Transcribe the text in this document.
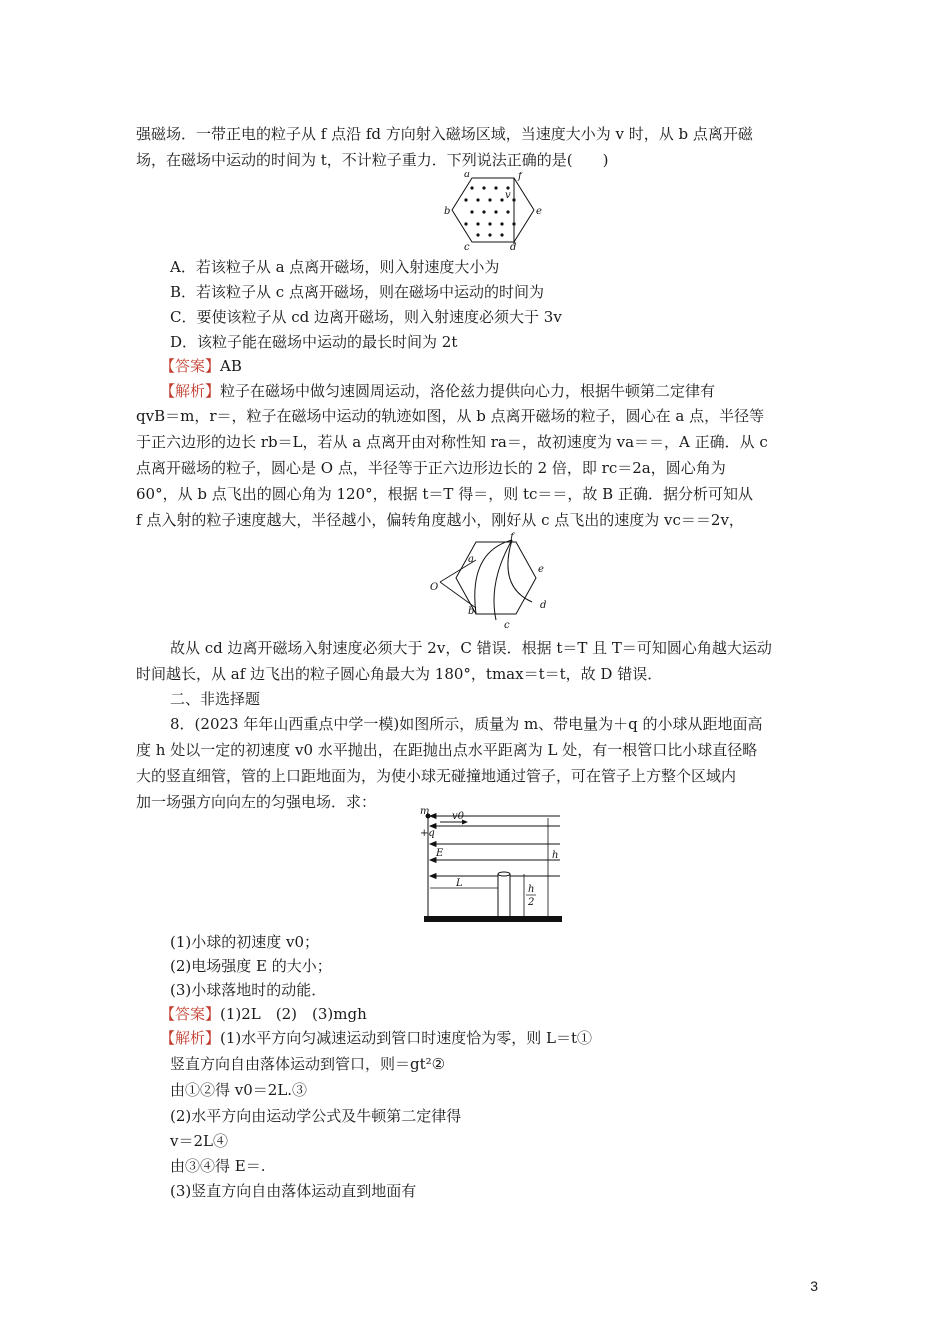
强磁场．一带正电的粒子从 f 点沿 fd 方向射入磁场区域，当速度大小为 v 时，从 b 点离开磁
场，在磁场中运动的时间为 t，不计粒子重力．下列说法正确的是(　　)
a	f
v
b	e
c	d
A．若该粒子从 a 点离开磁场，则入射速度大小为
B．若该粒子从 c 点离开磁场，则在磁场中运动的时间为
C．要使该粒子从 cd 边离开磁场，则入射速度必须大于 3v
D．该粒子能在磁场中运动的最长时间为 2t
【答案】AB
【解析】粒子在磁场中做匀速圆周运动，洛伦兹力提供向心力，根据牛顿第二定律有
qvB＝m，r＝，粒子在磁场中运动的轨迹如图，从 b 点离开磁场的粒子，圆心在 a 点，半径等
于正六边形的边长 rb＝L，若从 a 点离开由对称性知 ra＝，故初速度为 va＝＝，A 正确．从 c
点离开磁场的粒子，圆心是 O 点，半径等于正六边形边长的 2 倍，即 rc＝2a，圆心角为
60°，从 b 点飞出的圆心角为 120°，根据 t＝T 得＝，则 tc＝＝，故 B 正确．据分析可知从
f 点入射的粒子速度越大，半径越小，偏转角度越小，刚好从 c 点飞出的速度为 vc＝＝2v，
a
f
e
d
b
c
O
故从 cd 边离开磁场入射速度必须大于 2v，C 错误．根据 t＝T 且 T＝可知圆心角越大运动
时间越长，从 af 边飞出的粒子圆心角最大为 180°，tmax＝t＝t，故 D 错误．
二、非选择题
8．(2023 年年山西重点中学一模)如图所示，质量为 m、带电量为＋q 的小球从距地面高
度 h 处以一定的初速度 v0 水平抛出，在距抛出点水平距离为 L 处，有一根管口比小球直径略
大的竖直细管，管的上口距地面为，为使小球无碰撞地通过管子，可在管子上方整个区域内
加一场强方向向左的匀强电场．求：
m
+q
v0
E	h
L
h
2
(1)小球的初速度 v0；
(2)电场强度 E 的大小；
(3)小球落地时的动能．
【答案】(1)2L　(2)　(3)mgh
【解析】(1)水平方向匀减速运动到管口时速度恰为零，则 L＝t①
竖直方向自由落体运动到管口，则＝gt²②
由①②得 v0＝2L.③
(2)水平方向由运动学公式及牛顿第二定律得
v＝2L④
由③④得 E＝.
(3)竖直方向自由落体运动直到地面有
3
